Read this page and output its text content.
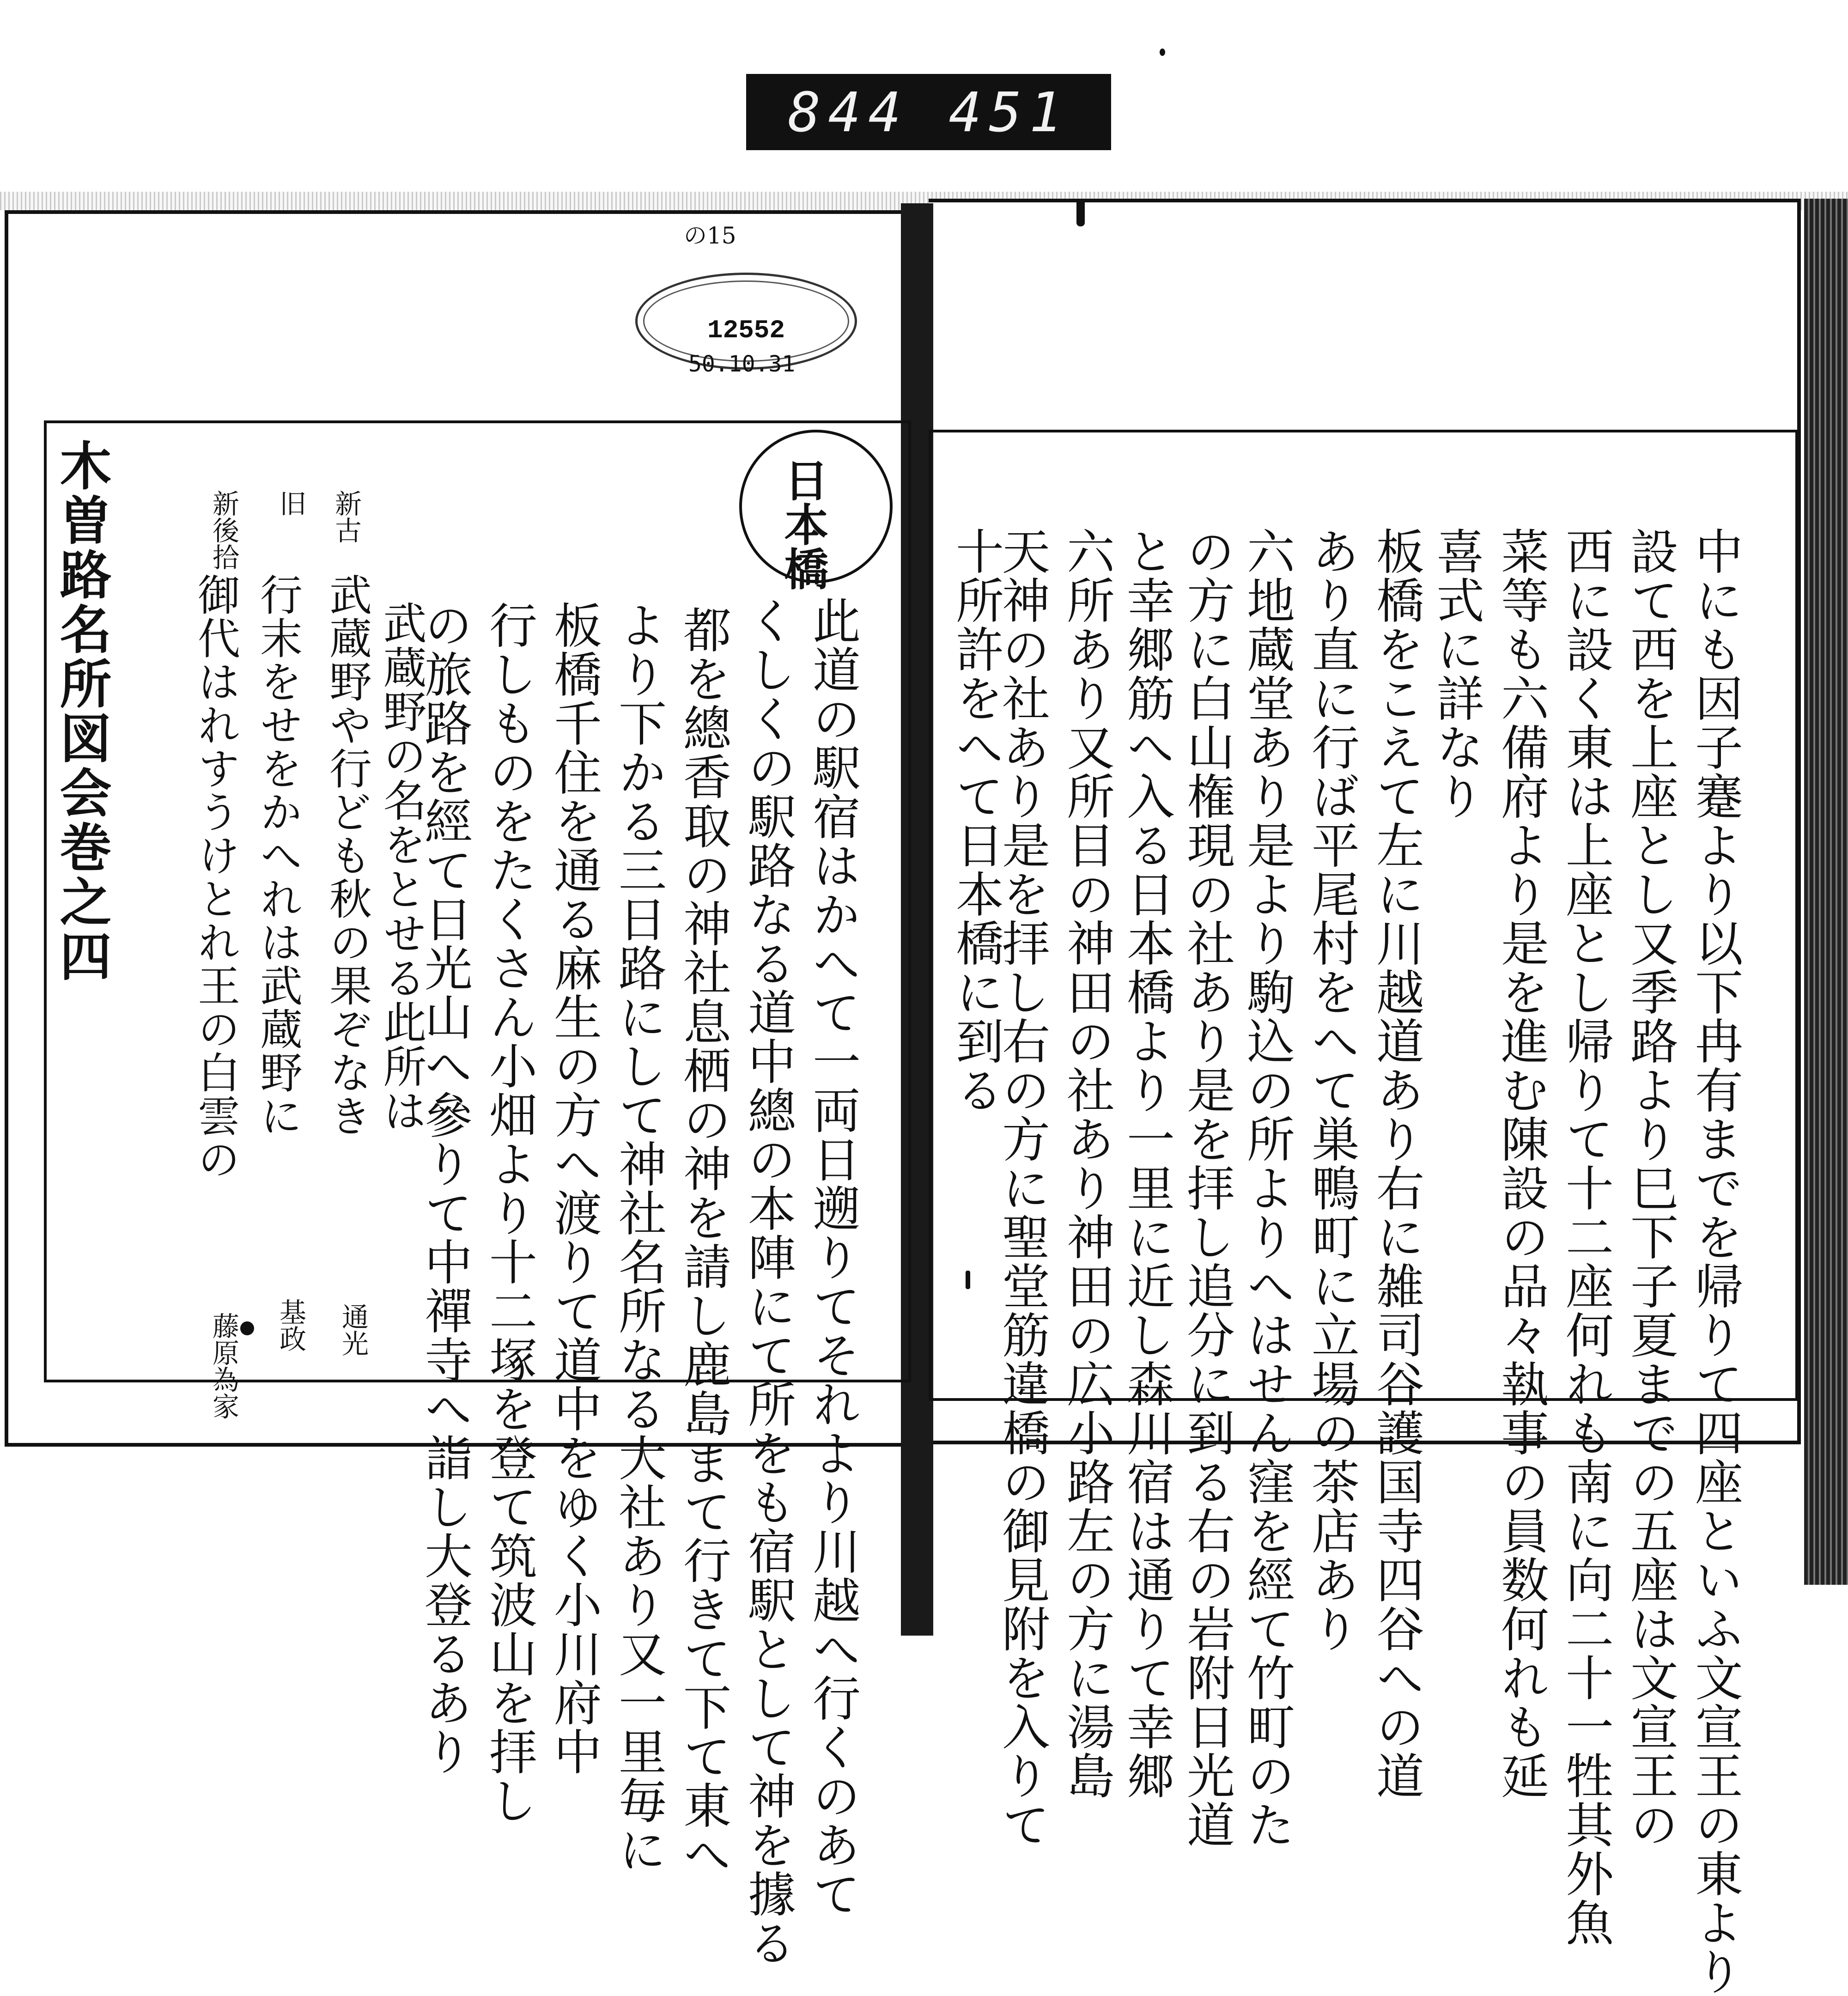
844 451
の15
12552
50.10.31
木曽路名所図会巻之四	新古
旧
新後拾
武蔵野や行ども秋の果ぞなき
行末をせをかへれは武蔵野に
御代はれすうけとれ王の白雲の
通光
基政
藤原為家
日本橋
此道の駅宿はかへて一両日遡りてそれより川越へ行くのあて
くしくの駅路なる道中總の本陣にて所をも宿駅として神を據る
都を總香取の神社息栖の神を請し鹿島まて行きて下て東へ
より下かる三日路にして神社名所なる大社あり又一里毎に
板橋千住を通る麻生の方へ渡りて道中をゆく小川府中
行しものをたくさん小畑より十二塚を登て筑波山を拝し
の旅路を經て日光山へ參りて中禪寺へ詣し大登るあり
武蔵野の名をとせる此所は	中にも因子蹇より以下冉有までを帰りて四座といふ文宣王の東より
設て西を上座とし又季路より巳下子夏までの五座は文宣王の
西に設く東は上座とし帰りて十二座何れも南に向二十一牲其外魚
菜等も六備府より是を進む陳設の品々執事の員数何れも延
喜式に詳なり
板橋をこえて左に川越道あり右に雑司谷護国寺四谷への道
あり直に行ば平尾村をへて巣鴨町に立場の茶店あり
六地蔵堂あり是より駒込の所よりへはせん窪を經て竹町のた
の方に白山権現の社あり是を拝し追分に到る右の岩附日光道
と幸郷筋へ入る日本橋より一里に近し森川宿は通りて幸郷
六所あり又所目の神田の社あり神田の広小路左の方に湯島
天神の社あり是を拝し右の方に聖堂筋違橋の御見附を入りて
十所許をへて日本橋に到る
